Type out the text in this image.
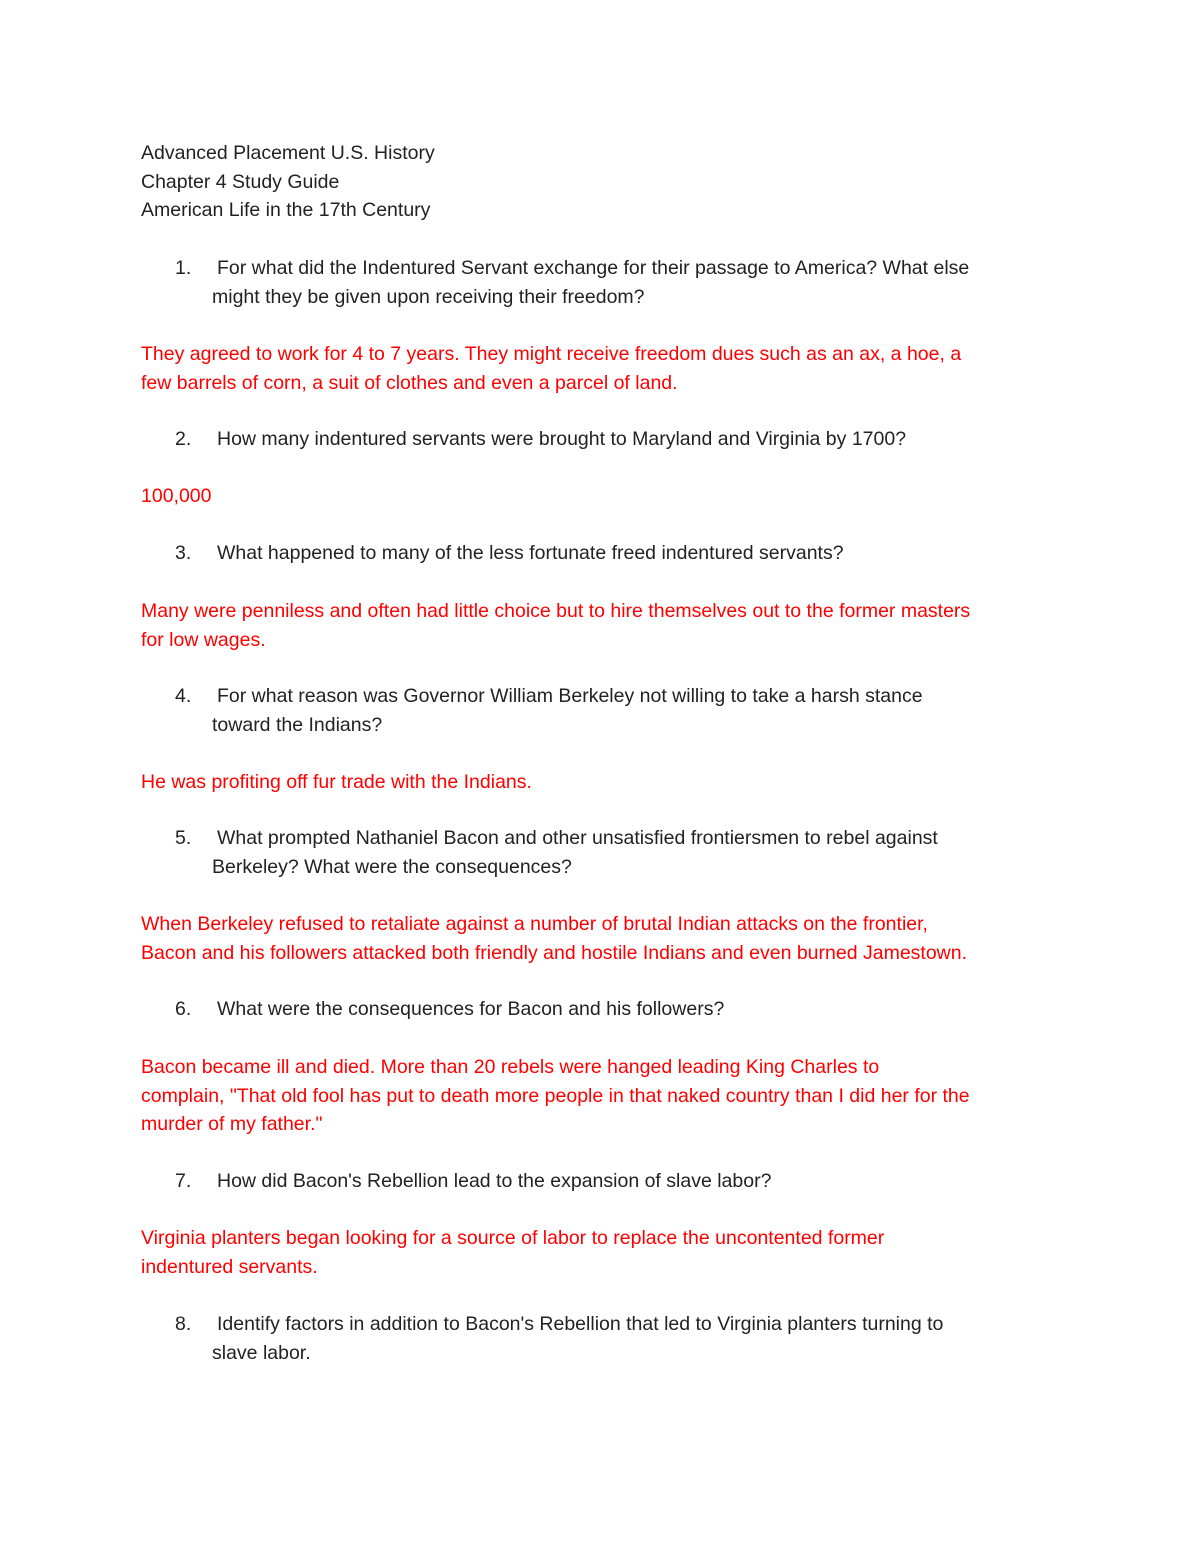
Advanced Placement U.S. History
Chapter 4 Study Guide
American Life in the 17th Century
1. For what did the Indentured Servant exchange for their passage to America? What else
might they be given upon receiving their freedom?
They agreed to work for 4 to 7 years. They might receive freedom dues such as an ax, a hoe, a
few barrels of corn, a suit of clothes and even a parcel of land.
2. How many indentured servants were brought to Maryland and Virginia by 1700?
100,000
3. What happened to many of the less fortunate freed indentured servants?
Many were penniless and often had little choice but to hire themselves out to the former masters
for low wages.
4. For what reason was Governor William Berkeley not willing to take a harsh stance
toward the Indians?
He was profiting off fur trade with the Indians.
5. What prompted Nathaniel Bacon and other unsatisfied frontiersmen to rebel against
Berkeley? What were the consequences?
When Berkeley refused to retaliate against a number of brutal Indian attacks on the frontier,
Bacon and his followers attacked both friendly and hostile Indians and even burned Jamestown.
6. What were the consequences for Bacon and his followers?
Bacon became ill and died. More than 20 rebels were hanged leading King Charles to
complain, "That old fool has put to death more people in that naked country than I did her for the
murder of my father."
7. How did Bacon's Rebellion lead to the expansion of slave labor?
Virginia planters began looking for a source of labor to replace the uncontented former
indentured servants.
8. Identify factors in addition to Bacon's Rebellion that led to Virginia planters turning to
slave labor.
